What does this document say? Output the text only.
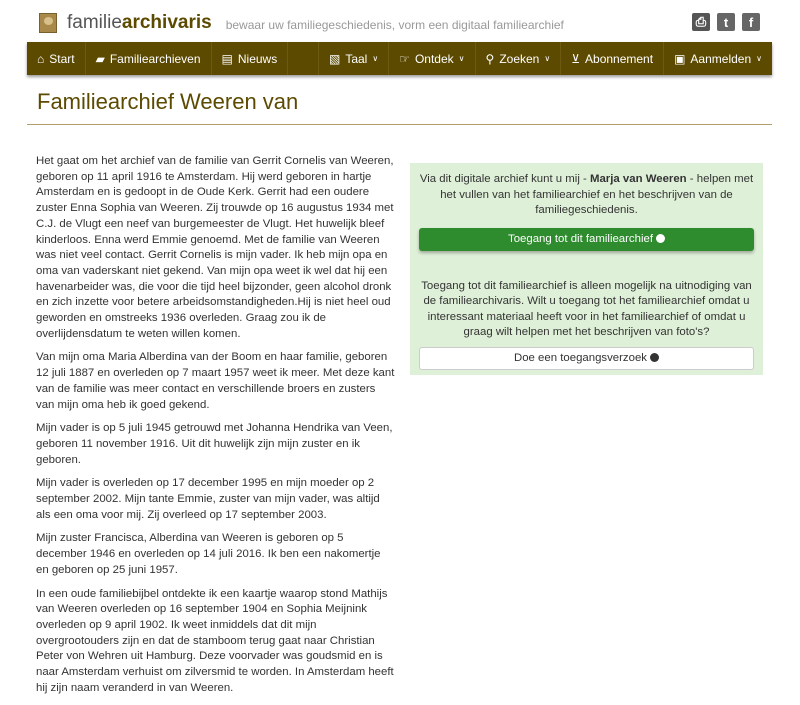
familiearchivaris bewaar uw familiegeschiedenis, vorm een digitaal familiearchief	⎙	t	f
⌂ Start ▰ Familiearchieven ▤ Nieuws	▧ Taal ∨ ☞ Ontdek ∨ ⚲ Zoeken ∨ ⊻ Abonnement ▣ Aanmelden ∨
Familiearchief Weeren van

Het gaat om het archief van de familie van Gerrit Cornelis van Weeren, geboren op 11 april 1916 te Amsterdam. Hij werd geboren in hartje Amsterdam en is gedoopt in de Oude Kerk. Gerrit had een oudere zuster Enna Sophia van Weeren. Zij trouwde op 16 augustus 1934 met C.J. de Vlugt een neef van burgemeester de Vlugt. Het huwelijk bleef kinderloos. Enna werd Emmie genoemd. Met de familie van Weeren was niet veel contact. Gerrit Cornelis is mijn vader. Ik heb mijn opa en oma van vaderskant niet gekend. Van mijn opa weet ik wel dat hij een havenarbeider was, die voor die tijd heel bijzonder, geen alcohol dronk en zich inzette voor betere arbeidsomstandigheden.Hij is niet heel oud geworden en omstreeks 1936 overleden. Graag zou ik de overlijdensdatum te weten willen komen.

Van mijn oma Maria Alberdina van der Boom en haar familie, geboren 12 juli 1887 en overleden op 7 maart 1957 weet ik meer. Met deze kant van de familie was meer contact en verschillende broers en zusters van mijn oma heb ik goed gekend.

Mijn vader is op 5 juli 1945 getrouwd met Johanna Hendrika van Veen, geboren 11 november 1916. Uit dit huwelijk zijn mijn zuster en ik geboren.

Mijn vader is overleden op 17 december 1995 en mijn moeder op 2 september 2002. Mijn tante Emmie, zuster van mijn vader, was altijd als een oma voor mij. Zij overleed op 17 september 2003.

Mijn zuster Francisca, Alberdina van Weeren is geboren op 5 december 1946 en overleden op 14 juli 2016. Ik ben een nakomertje en geboren op 25 juni 1957.

In een oude familiebijbel ontdekte ik een kaartje waarop stond Mathijs van Weeren overleden op 16 september 1904 en Sophia Meijnink overleden op 9 april 1902. Ik weet inmiddels dat dit mijn overgrootouders zijn en dat de stamboom terug gaat naar Christian Peter von Wehren uit Hamburg. Deze voorvader was goudsmid en is naar Amsterdam verhuist om zilversmid te worden. In Amsterdam heeft hij zijn naam veranderd in van Weeren.

Via dit digitale archief kunt u mij - Marja van Weeren - helpen met het vullen van het familiearchief en het beschrijven van de familiegeschiedenis.

Toegang tot dit familiearchief

Toegang tot dit familiearchief is alleen mogelijk na uitnodiging van de familiearchivaris. Wilt u toegang tot het familiearchief omdat u interessant materiaal heeft voor in het familiearchief of omdat u graag wilt helpen met het beschrijven van foto's?

Doe een toegangsverzoek
